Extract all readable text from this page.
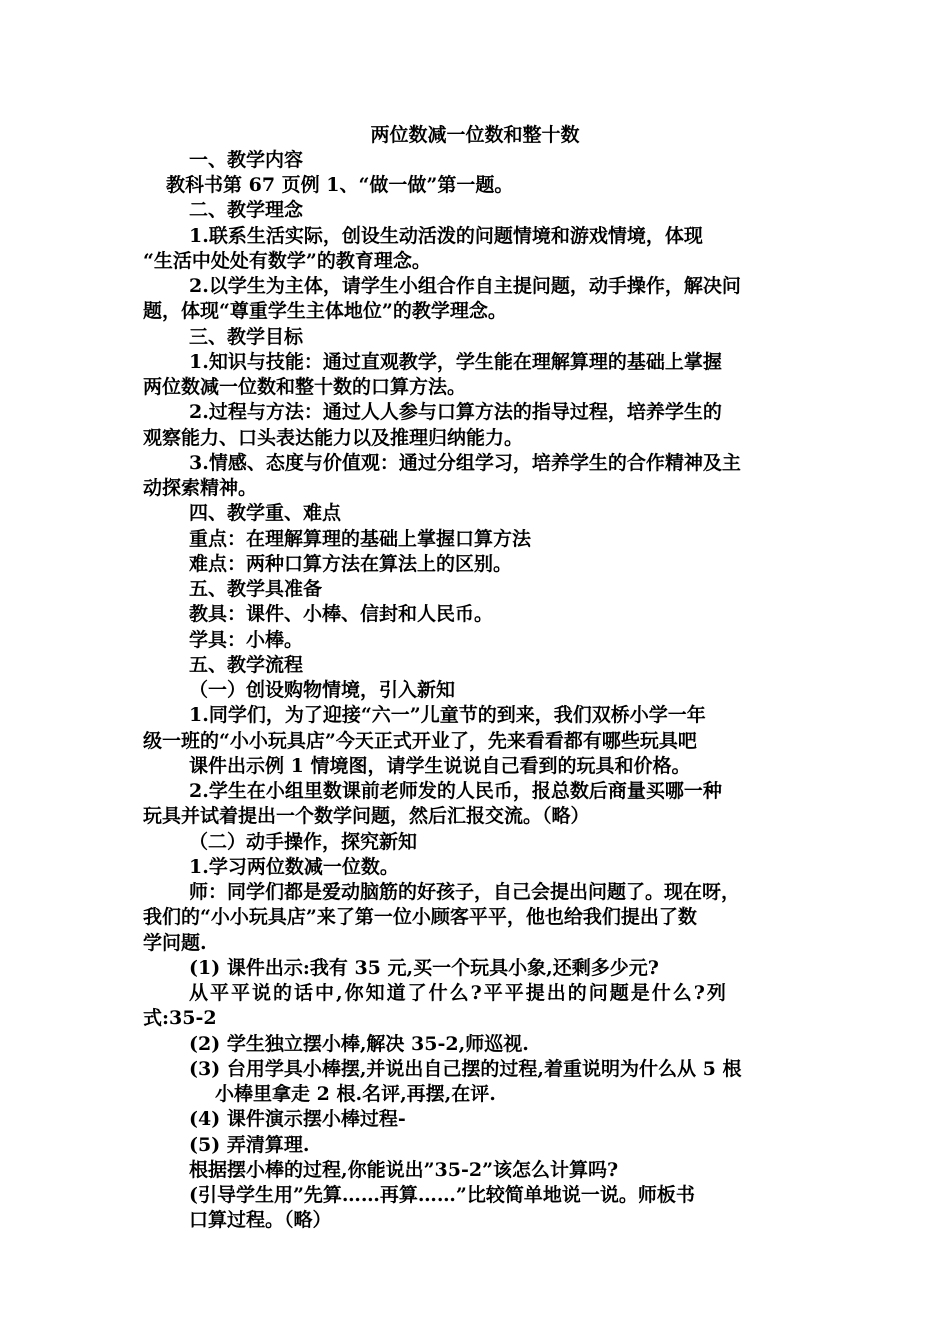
两位数减一位数和整十数
一、教学内容
教科书第 67 页例 1、“做一做”第一题。
二、教学理念
1.联系生活实际，创设生动活泼的问题情境和游戏情境，体现
“生活中处处有数学”的教育理念。
2.以学生为主体，请学生小组合作自主提问题，动手操作，解决问
题，体现“尊重学生主体地位”的教学理念。
三、教学目标
1.知识与技能：通过直观教学，学生能在理解算理的基础上掌握
两位数减一位数和整十数的口算方法。
2.过程与方法：通过人人参与口算方法的指导过程，培养学生的
观察能力、口头表达能力以及推理归纳能力。
3.情感、态度与价值观：通过分组学习，培养学生的合作精神及主
动探索精神。
四、教学重、难点
重点：在理解算理的基础上掌握口算方法
难点：两种口算方法在算法上的区别。
五、教学具准备
教具：课件、小棒、信封和人民币。
学具：小棒。
五、教学流程
（一）创设购物情境，引入新知
1.同学们，为了迎接“六一”儿童节的到来，我们双桥小学一年
级一班的“小小玩具店”今天正式开业了，先来看看都有哪些玩具吧
课件出示例 1 情境图，请学生说说自己看到的玩具和价格。
2.学生在小组里数课前老师发的人民币，报总数后商量买哪一种
玩具并试着提出一个数学问题，然后汇报交流。（略）
（二）动手操作，探究新知
1.学习两位数减一位数。
师：同学们都是爱动脑筋的好孩子，自己会提出问题了。现在呀，
我们的“小小玩具店”来了第一位小顾客平平，他也给我们提出了数
学问题.
(1) 课件出示:我有 35 元,买一个玩具小象,还剩多少元?
从平平说的话中,你知道了什么?平平提出的问题是什么?列
式:35-2
(2) 学生独立摆小棒,解决 35-2,师巡视.
(3) 台用学具小棒摆,并说出自己摆的过程,着重说明为什么从 5 根
小棒里拿走 2 根.名评,再摆,在评.
(4) 课件演示摆小棒过程-
(5) 弄清算理.
根据摆小棒的过程,你能说出”35-2”该怎么计算吗?
(引导学生用”先算……再算……”比较简单地说一说。师板书
口算过程。（略）
